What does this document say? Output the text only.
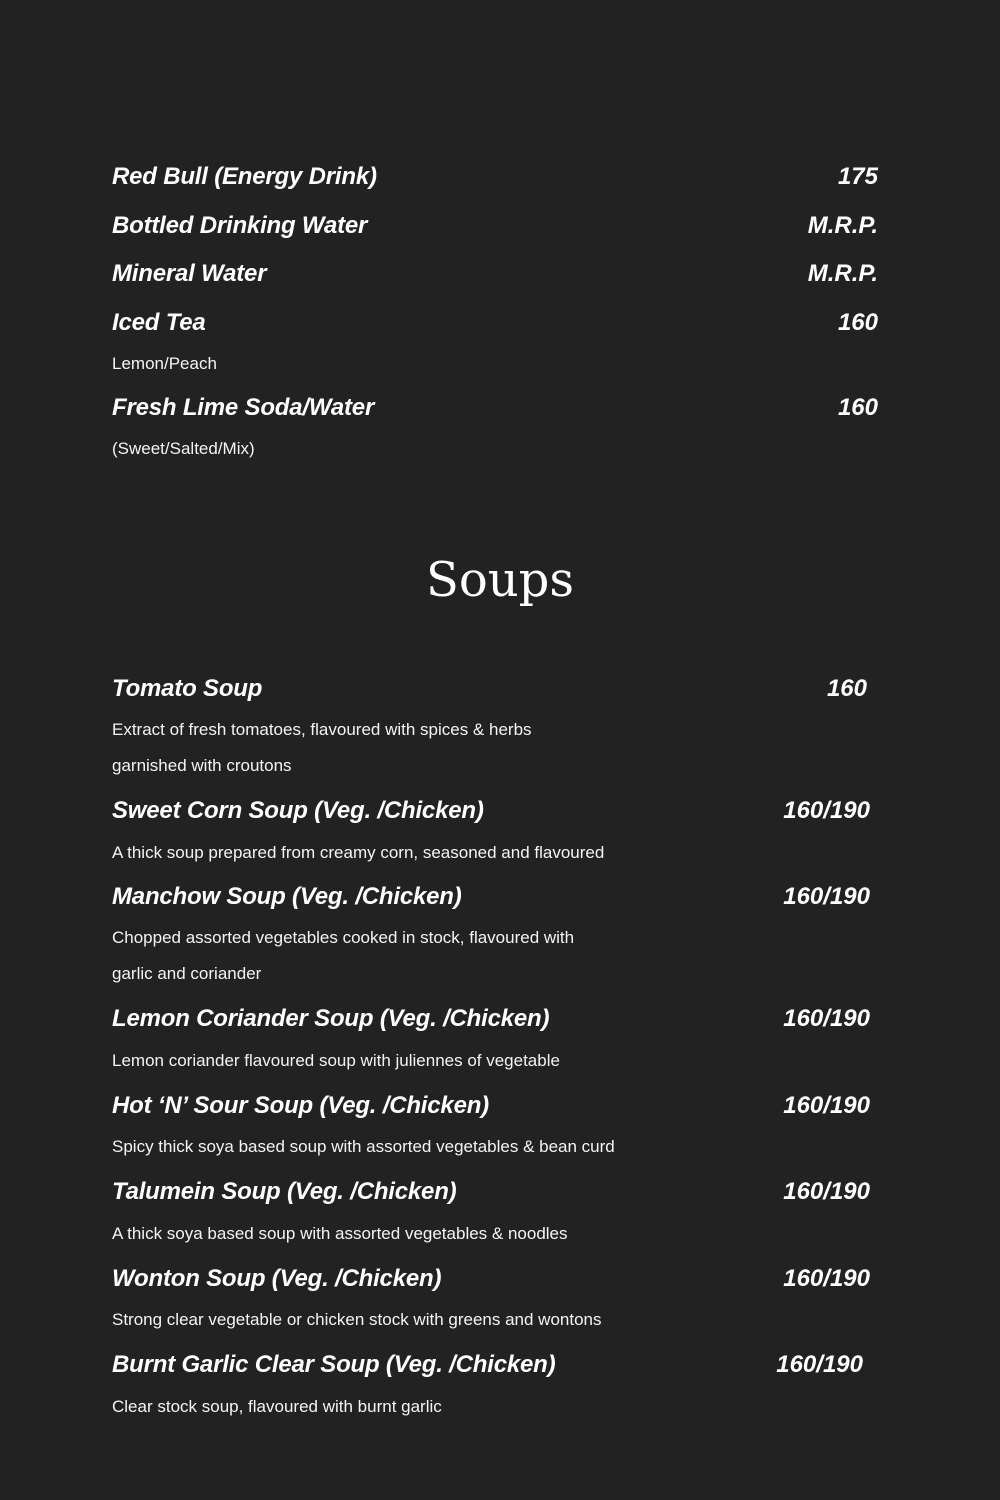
Red Bull (Energy Drink)	175
Bottled Drinking Water	M.R.P.
Mineral Water	M.R.P.
Iced Tea	160
Lemon/Peach
Fresh Lime Soda/Water	160
(Sweet/Salted/Mix)
Soups
Tomato Soup	160
Extract of fresh tomatoes, flavoured with spices & herbs
garnished with croutons
Sweet Corn Soup (Veg. /Chicken)	160/190
A thick soup prepared from creamy corn, seasoned and flavoured
Manchow Soup (Veg. /Chicken)	160/190
Chopped assorted vegetables cooked in stock, flavoured with
garlic and coriander
Lemon Coriander Soup (Veg. /Chicken)	160/190
Lemon coriander flavoured soup with juliennes of vegetable
Hot ‘N’ Sour Soup (Veg. /Chicken)	160/190
Spicy thick soya based soup with assorted vegetables & bean curd
Talumein Soup (Veg. /Chicken)	160/190
A thick soya based soup with assorted vegetables & noodles
Wonton Soup (Veg. /Chicken)	160/190
Strong clear vegetable or chicken stock with greens and wontons
Burnt Garlic Clear Soup (Veg. /Chicken)	160/190
Clear stock soup, flavoured with burnt garlic
